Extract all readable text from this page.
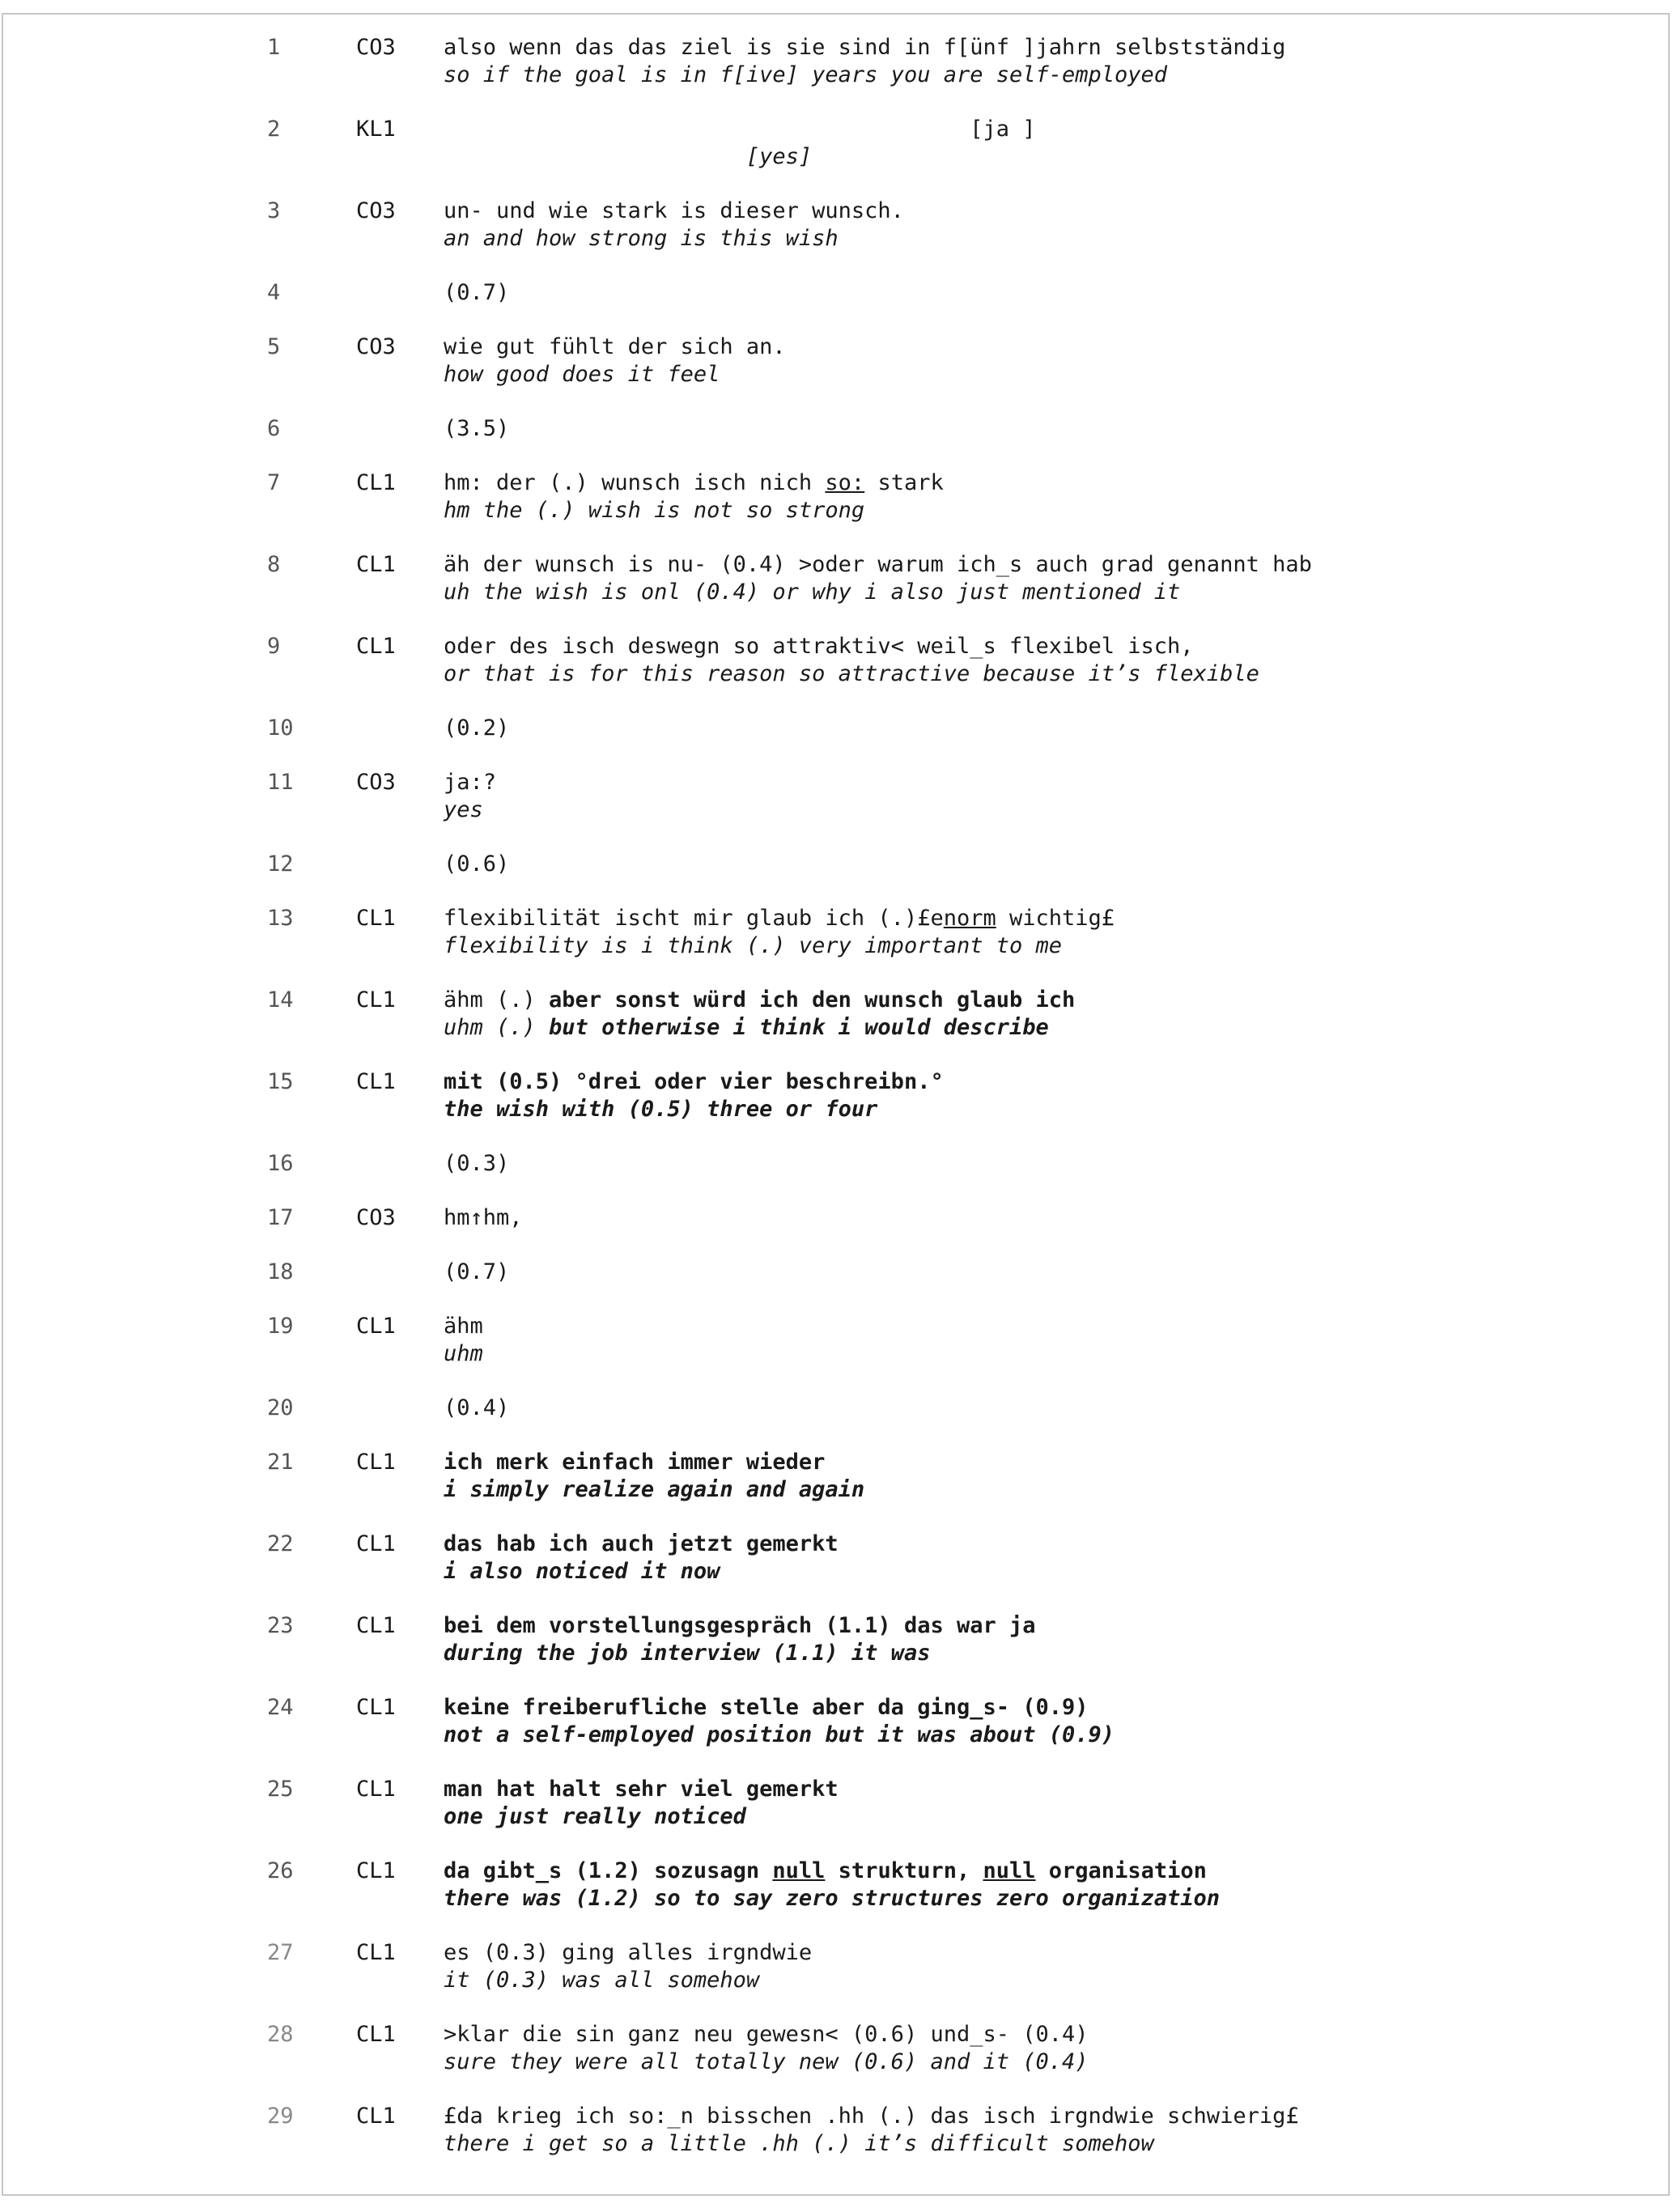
1	CO3 also wenn das das ziel is sie sind in f[ünf ]jahrn selbstständig
so if the goal is in f[ive] years you are self-employed
2	KL1 [ja ]
[yes]
3	CO3 un- und wie stark is dieser wunsch.
an and how strong is this wish
4	(0.7)
5	CO3 wie gut fühlt der sich an.
how good does it feel
6	(3.5)
7	CL1 hm: der (.) wunsch isch nich so: stark
hm the (.) wish is not so strong
8	CL1 äh der wunsch is nu- (0.4) >oder warum ich_s auch grad genannt hab
uh the wish is onl (0.4) or why i also just mentioned it
9	CL1 oder des isch deswegn so attraktiv< weil_s flexibel isch,
or that is for this reason so attractive because it’s flexible
10	(0.2)
11	CO3 ja:?
yes
12	(0.6)
13	CL1 flexibilität ischt mir glaub ich (.)£enorm wichtig£
flexibility is i think (.) very important to me
14	CL1 ähm (.) aber sonst würd ich den wunsch glaub ich
uhm (.) but otherwise i think i would describe
15	CL1 mit (0.5) °drei oder vier beschreibn.°
the wish with (0.5) three or four
16	(0.3)
17	CO3 hm↑hm,
18	(0.7)
19	CL1 ähm
uhm
20	(0.4)
21	CL1 ich merk einfach immer wieder
i simply realize again and again
22	CL1 das hab ich auch jetzt gemerkt
i also noticed it now
23	CL1 bei dem vorstellungsgespräch (1.1) das war ja
during the job interview (1.1) it was
24	CL1 keine freiberufliche stelle aber da ging_s- (0.9)
not a self-employed position but it was about (0.9)
25	CL1 man hat halt sehr viel gemerkt
one just really noticed
26	CL1 da gibt_s (1.2) sozusagn null strukturn, null organisation
there was (1.2) so to say zero structures zero organization
27	CL1 es (0.3) ging alles irgndwie
it (0.3) was all somehow
28	CL1 >klar die sin ganz neu gewesn< (0.6) und_s- (0.4)
sure they were all totally new (0.6) and it (0.4)
29	CL1 £da krieg ich so:_n bisschen .hh (.) das isch irgndwie schwierig£
there i get so a little .hh (.) it’s difficult somehow
